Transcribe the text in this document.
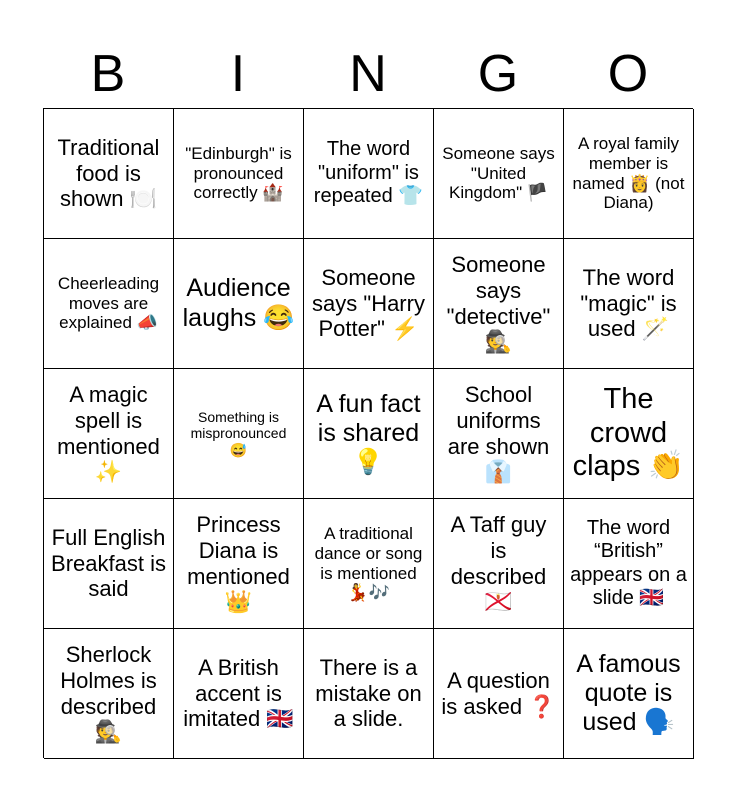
B	I	N	G	O
Traditional food is shown 🍽️
"Edinburgh" is pronounced correctly 🏰
The word "uniform" is repeated 👕
Someone says "United Kingdom" 🏴
A royal family member is named 👸 (not Diana)
Cheerleading moves are explained 📣
Audience laughs 😂
Someone says "Harry Potter" ⚡
Someone says "detective" 🕵️
The word "magic" is used 🪄
A magic spell is mentioned ✨
Something is mispronounced 😅
A fun fact is shared 💡
School uniforms are shown 👔
The crowd claps 👏
Full English Breakfast is said
Princess Diana is mentioned 👑
A traditional dance or song is mentioned 💃🎶
A Taff guy is described 🇯🇪
The word “British” appears on a slide 🇬🇧
Sherlock Holmes is described 🕵️
A British accent is imitated 🇬🇧
There is a mistake on a slide.
A question is asked ❓
A famous quote is used 🗣️
